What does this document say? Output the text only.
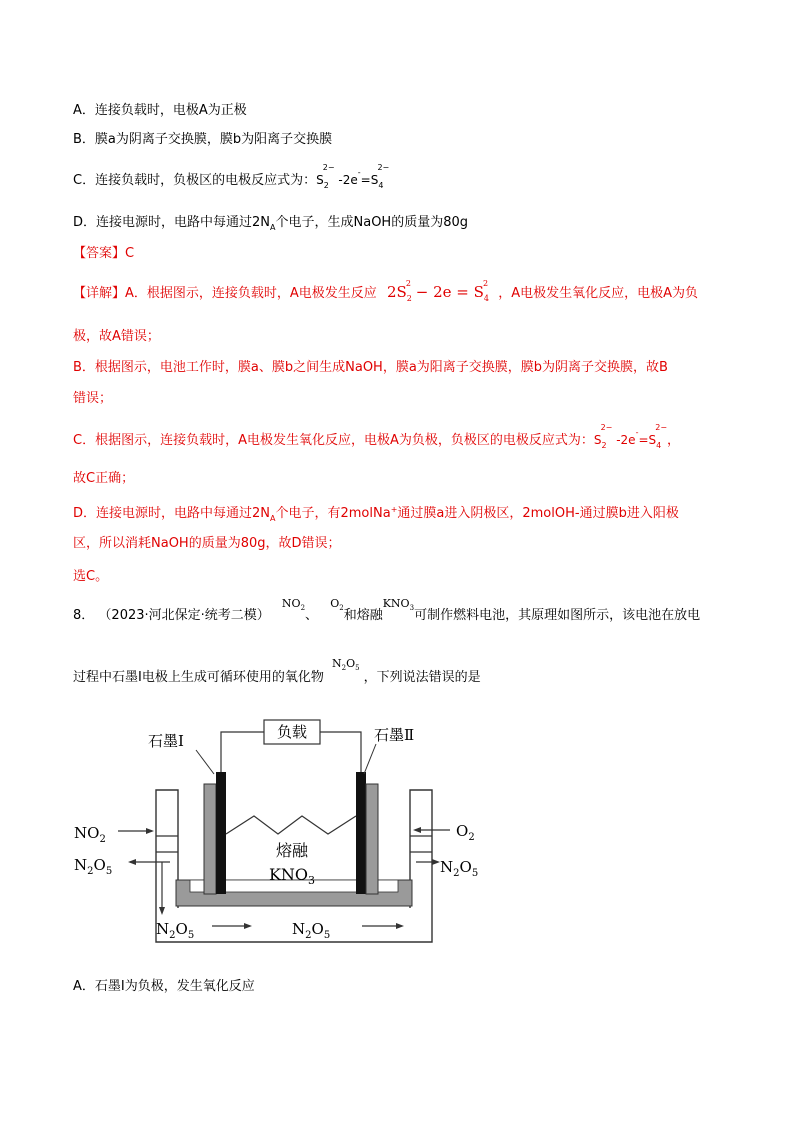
A．连接负载时，电极A为正极
B．膜a为阴离子交换膜，膜b为阳离子交换膜
C．连接负载时，负极区的电极反应式为：$S_2^{2-}$ $-2e^-=S_4^{2-}$
D．连接电源时，电路中每通过$2N_A$个电子，生成NaOH的质量为80g
【答案】C
【详解】A．根据图示，连接负载时，A电极发生反应 $2S_2^2 - 2e = S_4^2$ ，A电极发生氧化反应，电极A为负
极，故A错误；
B．根据图示，电池工作时，膜a、膜b之间生成NaOH，膜a为阳离子交换膜，膜b为阴离子交换膜，故B
错误；
C．根据图示，连接负载时，A电极发生氧化反应，电极A为负极，负极区的电极反应式为：$S_2^{2-}$ $-2e^-=S_4^{2-}$，
故C正确；
D．连接电源时，电路中每通过$2N_A$个电子，有2molNa+通过膜a进入阴极区，2molOH-通过膜b进入阳极
区，所以消耗NaOH的质量为80g，故D错误；
选C。
8． （2023·河北保定·统考二模） $^{NO_2}$、 $^{O_2}$和熔融$^{KNO_3}$可制作燃料电池，其原理如图所示，该电池在放电
过程中石墨Ⅰ电极上生成可循环使用的氧化物 $^{N_2O_5}$，下列说法错误的是
负载
石墨Ⅰ	石墨Ⅱ
熔融
$KNO_3$
$NO_2$
$N_2O_5$
$N_2O_5$	$N_2O_5$
$O_2$
$N_2O_5$
A．石墨Ⅰ为负极，发生氧化反应
